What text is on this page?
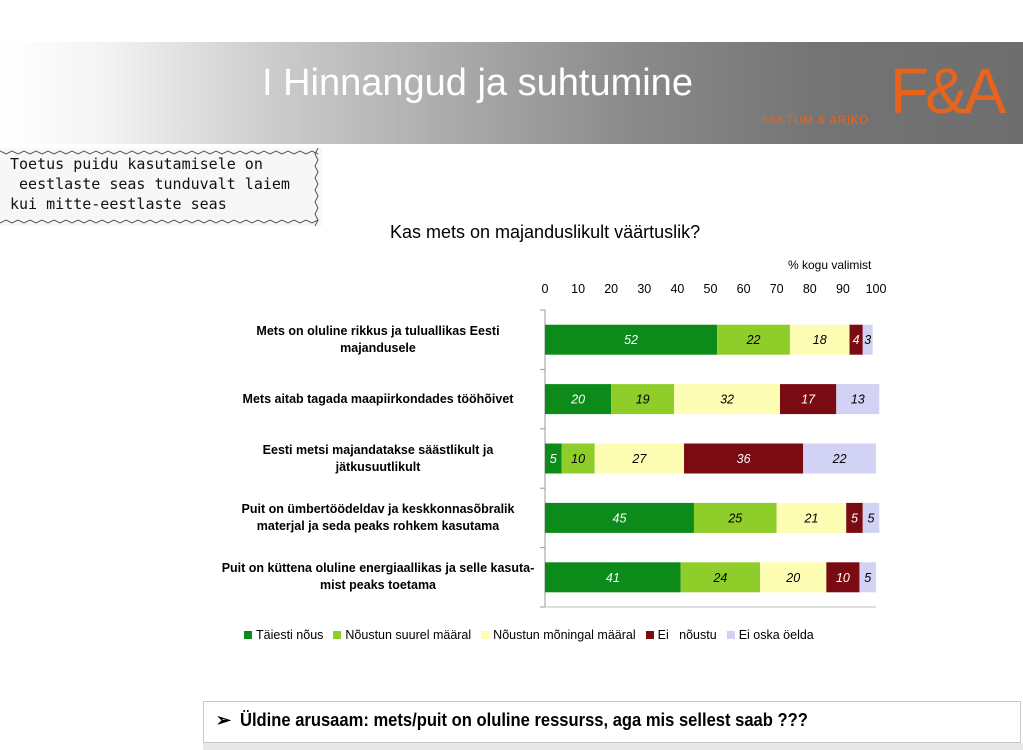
I Hinnangud ja suhtumine	F&A
FAKTUM & ARIKO
Toetus puidu kasutamisele on
eestlaste seas tunduvalt laiem
kui mitte-eestlaste seas
Kas mets on majanduslikult väärtuslik?
% kogu valimist
0 10 20 30 40 50 60 70 80 90 100
52	22	18 4 3
20	19	32	17	13
5 10	27	36	22
45	25	21	5 5
41	24	20	10 5
Mets on oluline rikkus ja tuluallikas Eesti majandusele
Mets aitab tagada maapiirkondades tööhõivet
Eesti metsi majandatakse säästlikult ja jätkusuutlikult
Puit on ümbertöödeldav ja keskkonnasõbralik materjal ja seda peaks rohkem kasutama
Puit on küttena oluline energiaallikas ja selle kasuta-mist peaks toetama
Täiesti nõus Nõustun suurel määral Nõustun mõningal määral Ei   nõustu Ei oska öelda
➢ Üldine arusaam: mets/puit on oluline ressurss, aga mis sellest saab ???
